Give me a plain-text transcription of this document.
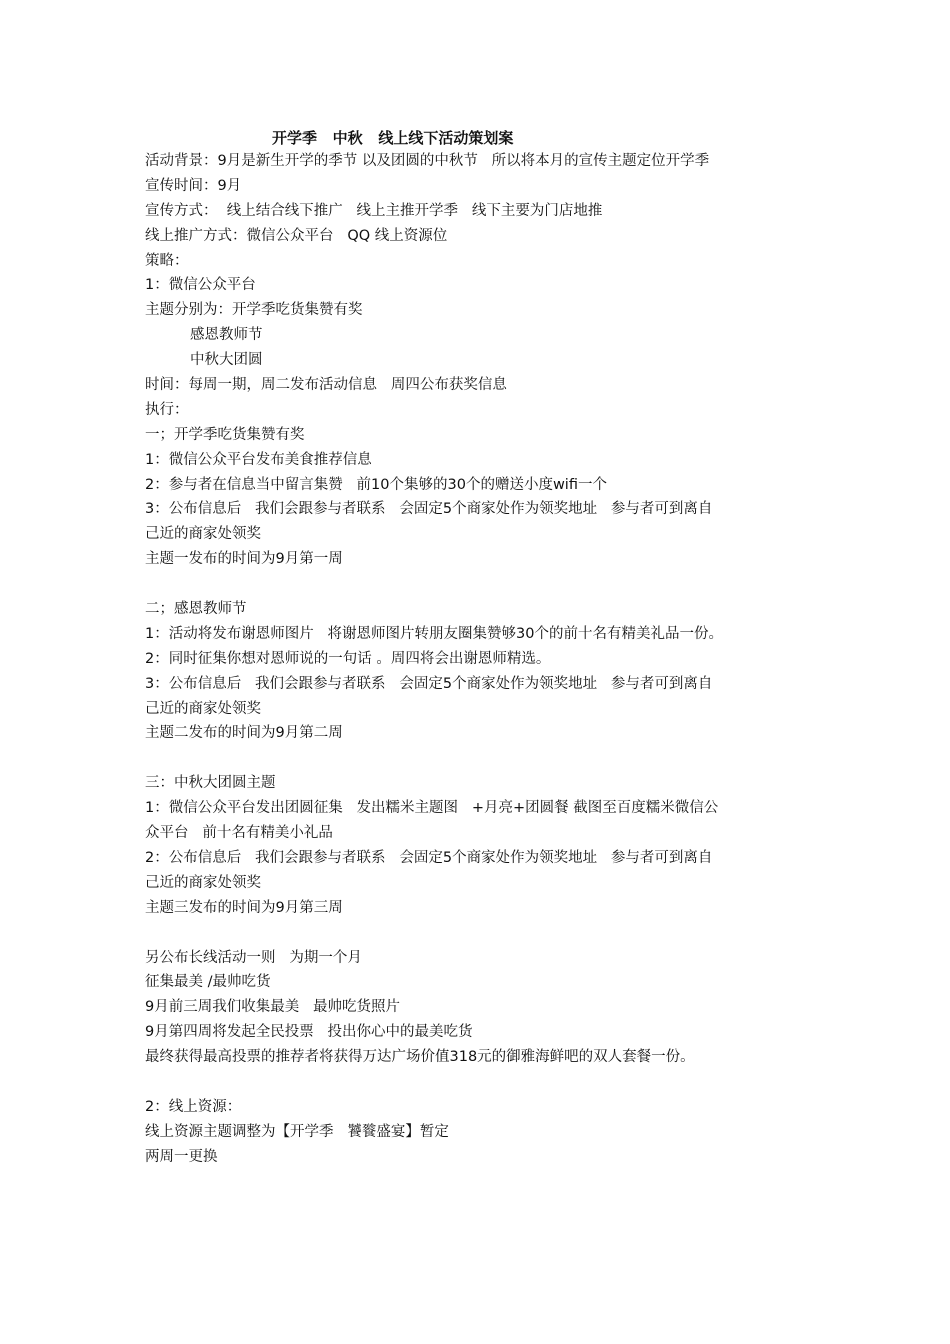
开学季   中秋   线上线下活动策划案
活动背景：9月是新生开学的季节 以及团圆的中秋节   所以将本月的宣传主题定位开学季
宣传时间：9月
宣传方式：  线上结合线下推广   线上主推开学季   线下主要为门店地推
线上推广方式：微信公众平台   QQ 线上资源位
策略：
1：微信公众平台
主题分别为：开学季吃货集赞有奖
感恩教师节
中秋大团圆
时间：每周一期，周二发布活动信息   周四公布获奖信息
执行：
一；开学季吃货集赞有奖
1：微信公众平台发布美食推荐信息
2：参与者在信息当中留言集赞   前10个集够的30个的赠送小度wifi一个
3：公布信息后   我们会跟参与者联系   会固定5个商家处作为领奖地址   参与者可到离自
己近的商家处领奖
主题一发布的时间为9月第一周
二；感恩教师节
1：活动将发布谢恩师图片   将谢恩师图片转朋友圈集赞够30个的前十名有精美礼品一份。
2：同时征集你想对恩师说的一句话 。周四将会出谢恩师精选。
3：公布信息后   我们会跟参与者联系   会固定5个商家处作为领奖地址   参与者可到离自
己近的商家处领奖
主题二发布的时间为9月第二周
三：中秋大团圆主题
1：微信公众平台发出团圆征集   发出糯米主题图   +月亮+团圆餐 截图至百度糯米微信公
众平台   前十名有精美小礼品
2：公布信息后   我们会跟参与者联系   会固定5个商家处作为领奖地址   参与者可到离自
己近的商家处领奖
主题三发布的时间为9月第三周
另公布长线活动一则   为期一个月
征集最美 /最帅吃货
9月前三周我们收集最美   最帅吃货照片
9月第四周将发起全民投票   投出你心中的最美吃货
最终获得最高投票的推荐者将获得万达广场价值318元的御雅海鲜吧的双人套餐一份。
2：线上资源：
线上资源主题调整为【开学季   饕餮盛宴】暂定
两周一更换
